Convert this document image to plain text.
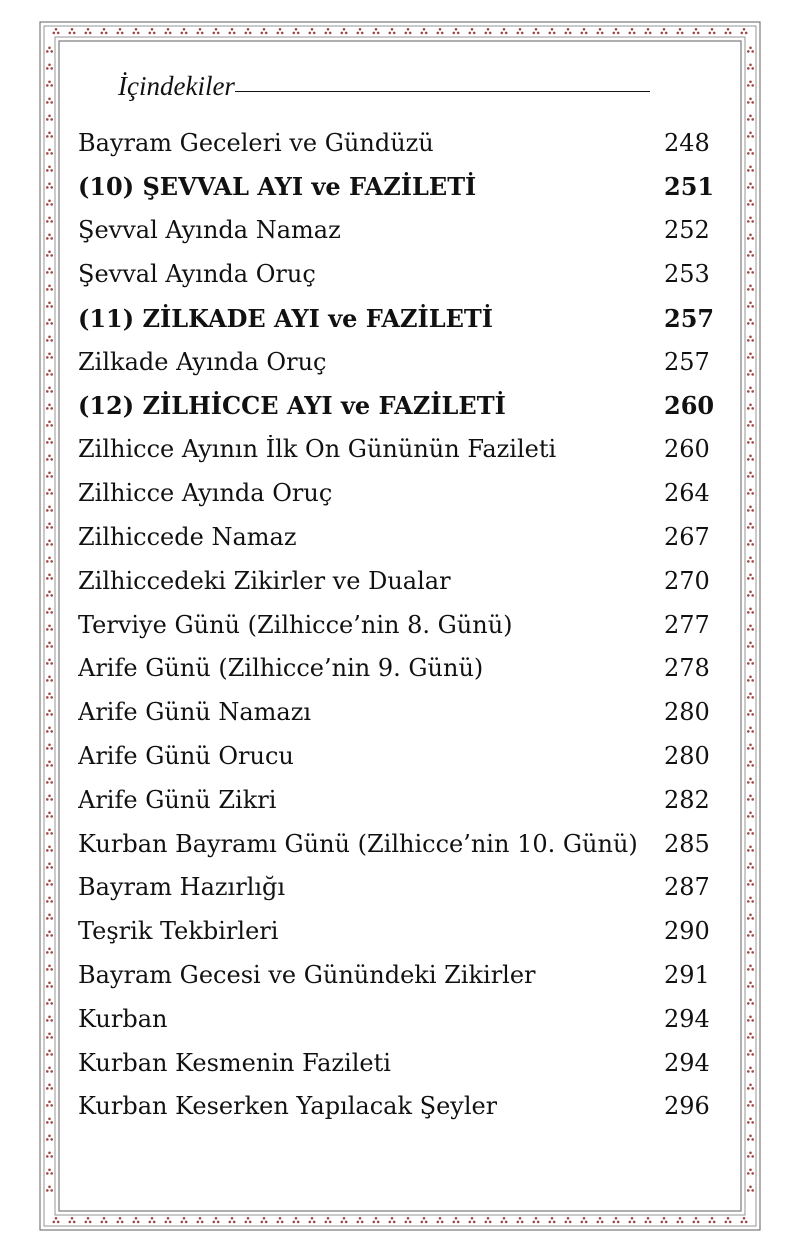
İçindekiler
Bayram Geceleri ve Gündüzü	248
(10) ŞEVVAL AYI ve FAZİLETİ	251
Şevval Ayında Namaz	252
Şevval Ayında Oruç	253
(11) ZİLKADE AYI ve FAZİLETİ	257
Zilkade Ayında Oruç	257
(12) ZİLHİCCE AYI ve FAZİLETİ	260
Zilhicce Ayının İlk On Gününün Fazileti	260
Zilhicce Ayında Oruç	264
Zilhiccede Namaz	267
Zilhiccedeki Zikirler ve Dualar	270
Terviye Günü (Zilhicce’nin 8. Günü)	277
Arife Günü (Zilhicce’nin 9. Günü)	278
Arife Günü Namazı	280
Arife Günü Orucu	280
Arife Günü Zikri	282
Kurban Bayramı Günü (Zilhicce’nin 10. Günü) 285
Bayram Hazırlığı	287
Teşrik Tekbirleri	290
Bayram Gecesi ve Günündeki Zikirler	291
Kurban	294
Kurban Kesmenin Fazileti	294
Kurban Keserken Yapılacak Şeyler	296
